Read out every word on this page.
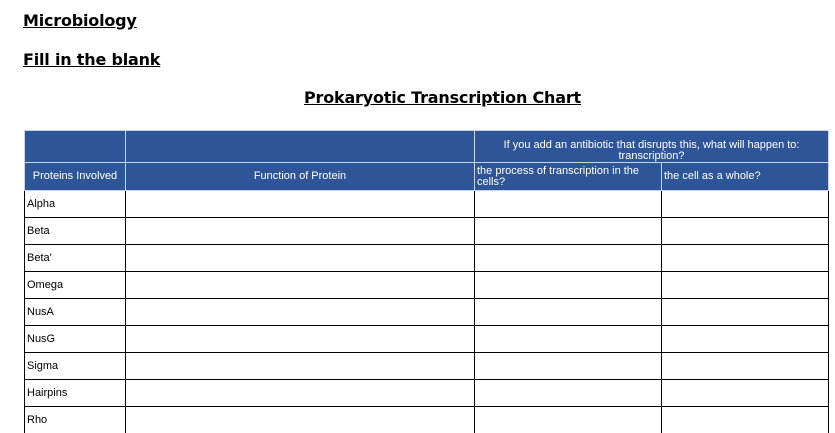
Microbiology
Fill in the blank
Prokaryotic Transcription Chart
		If you add an antibiotic that disrupts this, what will happen to: transcription?	
Proteins Involved	Function of Protein	the process of transcription in the cells?	the cell as a whole?
Alpha			
Beta			
Beta'			
Omega			
NusA			
NusG			
Sigma			
Hairpins			
Rho			
